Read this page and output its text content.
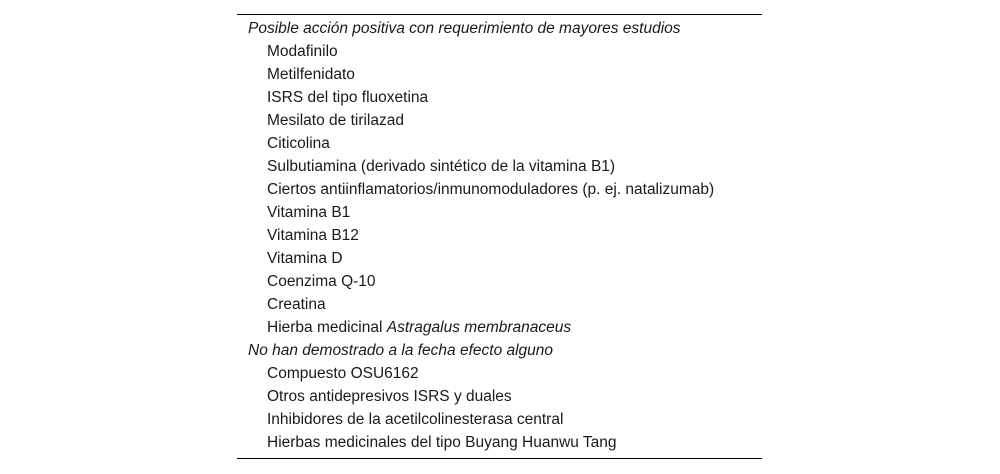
Posible acción positiva con requerimiento de mayores estudios
Modafinilo
Metilfenidato
ISRS del tipo fluoxetina
Mesilato de tirilazad
Citicolina
Sulbutiamina (derivado sintético de la vitamina B1)
Ciertos antiinflamatorios/inmunomoduladores (p. ej. natalizumab)
Vitamina B1
Vitamina B12
Vitamina D
Coenzima Q-10
Creatina
Hierba medicinal Astragalus membranaceus
No han demostrado a la fecha efecto alguno
Compuesto OSU6162
Otros antidepresivos ISRS y duales
Inhibidores de la acetilcolinesterasa central
Hierbas medicinales del tipo Buyang Huanwu Tang
